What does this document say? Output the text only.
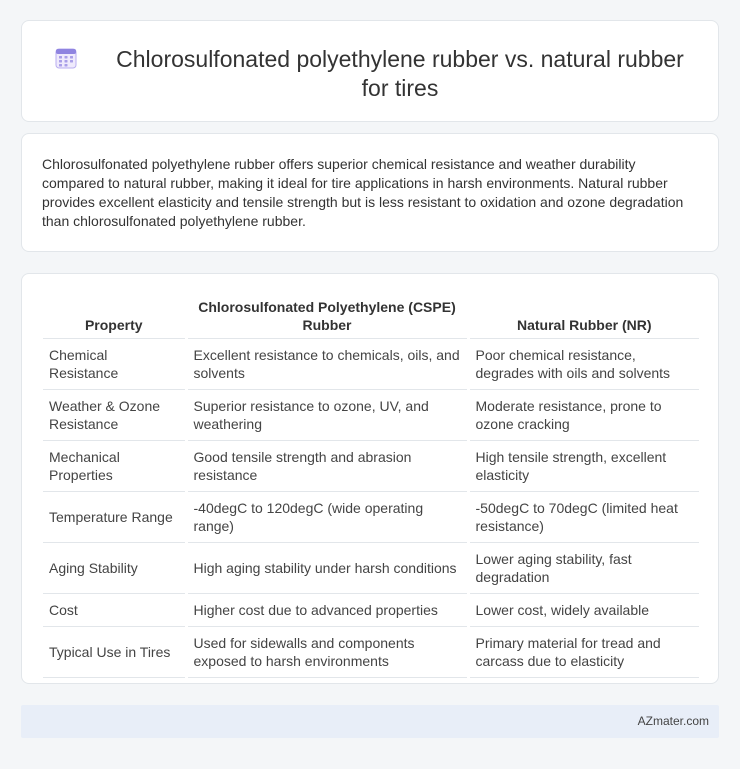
Chlorosulfonated polyethylene rubber vs. natural rubber for tires

Chlorosulfonated polyethylene rubber offers superior chemical resistance and weather durability compared to natural rubber, making it ideal for tire applications in harsh environments. Natural rubber provides excellent elasticity and tensile strength but is less resistant to oxidation and ozone degradation than chlorosulfonated polyethylene rubber.

Property	Chlorosulfonated Polyethylene (CSPE) Rubber	Natural Rubber (NR)
Chemical Resistance	Excellent resistance to chemicals, oils, and solvents	Poor chemical resistance, degrades with oils and solvents
Weather & Ozone Resistance	Superior resistance to ozone, UV, and weathering	Moderate resistance, prone to ozone cracking
Mechanical Properties	Good tensile strength and abrasion resistance	High tensile strength, excellent elasticity
Temperature Range	-40degC to 120degC (wide operating range)	-50degC to 70degC (limited heat resistance)
Aging Stability	High aging stability under harsh conditions	Lower aging stability, fast degradation
Cost	Higher cost due to advanced properties	Lower cost, widely available
Typical Use in Tires	Used for sidewalls and components exposed to harsh environments	Primary material for tread and carcass due to elasticity
AZmater.com
